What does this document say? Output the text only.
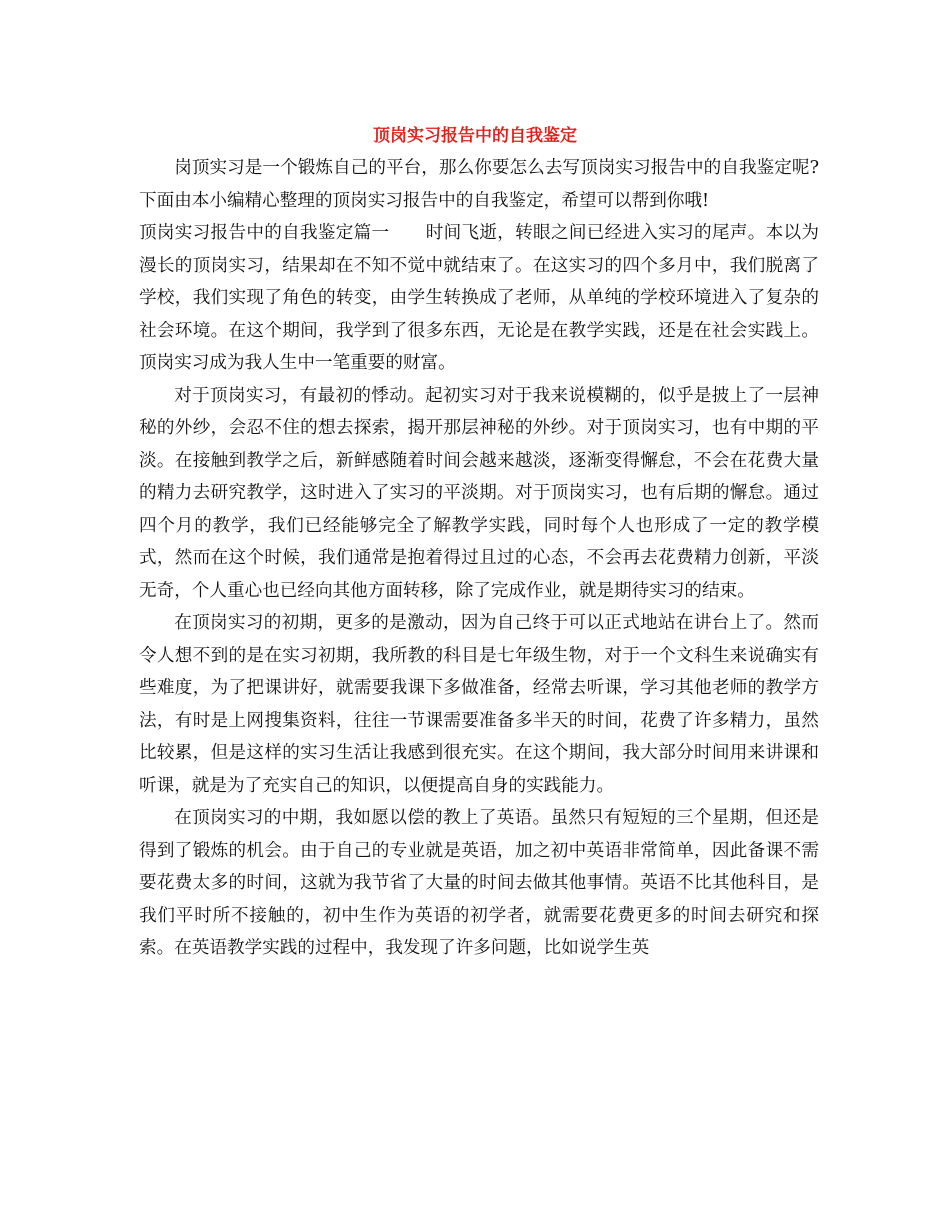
顶岗实习报告中的自我鉴定

岗顶实习是一个锻炼自己的平台，那么你要怎么去写顶岗实习报告中的自我鉴定呢?下面由本小编精心整理的顶岗实习报告中的自我鉴定，希望可以帮到你哦!

顶岗实习报告中的自我鉴定篇一 时间飞逝，转眼之间已经进入实习的尾声。本以为漫长的顶岗实习，结果却在不知不觉中就结束了。在这实习的四个多月中，我们脱离了学校，我们实现了角色的转变，由学生转换成了老师，从单纯的学校环境进入了复杂的社会环境。在这个期间，我学到了很多东西，无论是在教学实践，还是在社会实践上。顶岗实习成为我人生中一笔重要的财富。

对于顶岗实习，有最初的悸动。起初实习对于我来说模糊的，似乎是披上了一层神秘的外纱，会忍不住的想去探索，揭开那层神秘的外纱。对于顶岗实习，也有中期的平淡。在接触到教学之后，新鲜感随着时间会越来越淡，逐渐变得懈怠，不会在花费大量的精力去研究教学，这时进入了实习的平淡期。对于顶岗实习，也有后期的懈怠。通过四个月的教学，我们已经能够完全了解教学实践，同时每个人也形成了一定的教学模式，然而在这个时候，我们通常是抱着得过且过的心态，不会再去花费精力创新，平淡无奇，个人重心也已经向其他方面转移，除了完成作业，就是期待实习的结束。

在顶岗实习的初期，更多的是激动，因为自己终于可以正式地站在讲台上了。然而令人想不到的是在实习初期，我所教的科目是七年级生物，对于一个文科生来说确实有些难度，为了把课讲好，就需要我课下多做准备，经常去听课，学习其他老师的教学方法，有时是上网搜集资料，往往一节课需要准备多半天的时间，花费了许多精力，虽然比较累，但是这样的实习生活让我感到很充实。在这个期间，我大部分时间用来讲课和听课，就是为了充实自己的知识，以便提高自身的实践能力。

在顶岗实习的中期，我如愿以偿的教上了英语。虽然只有短短的三个星期，但还是得到了锻炼的机会。由于自己的专业就是英语，加之初中英语非常简单，因此备课不需要花费太多的时间，这就为我节省了大量的时间去做其他事情。英语不比其他科目，是我们平时所不接触的，初中生作为英语的初学者，就需要花费更多的时间去研究和探索。在英语教学实践的过程中，我发现了许多问题，比如说学生英
